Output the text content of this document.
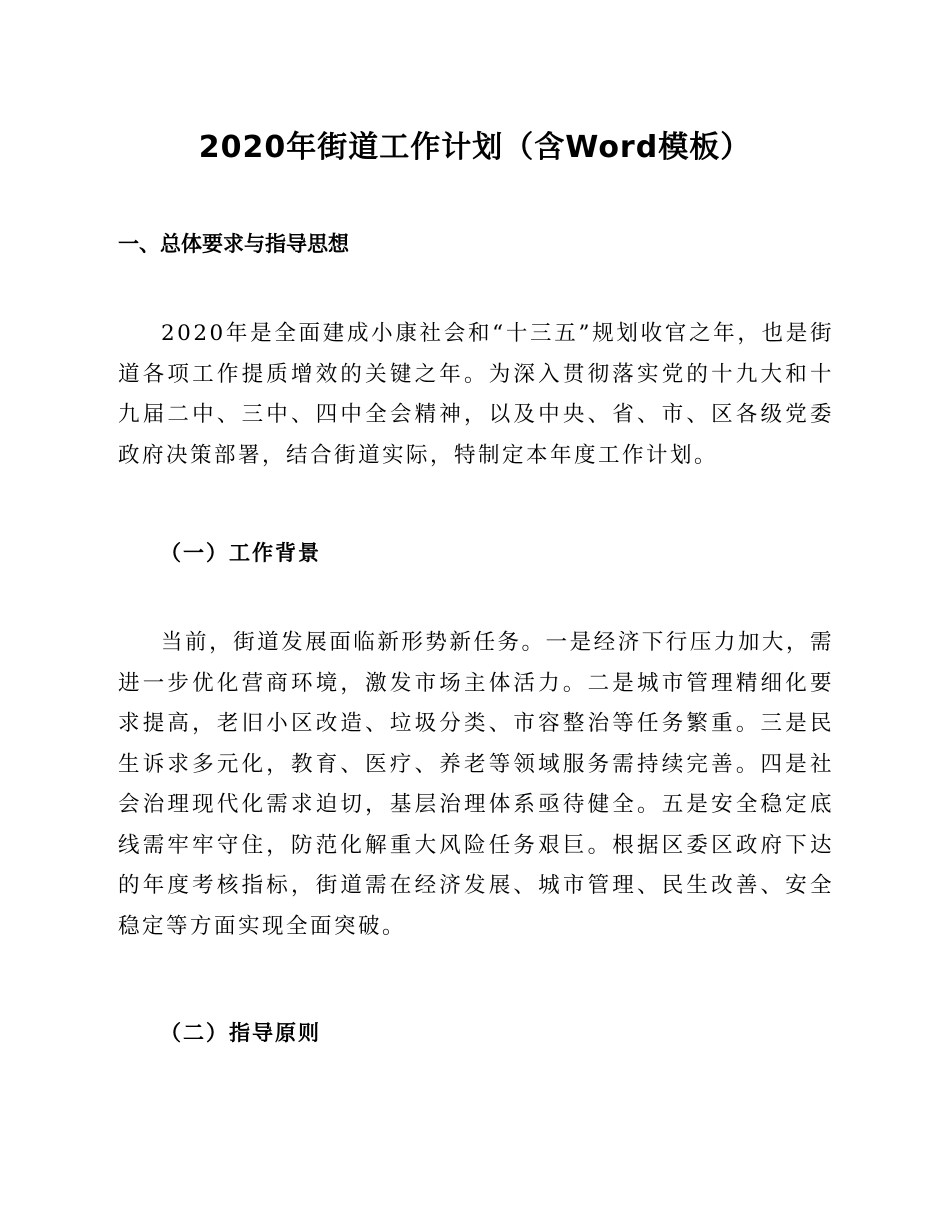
2020年街道工作计划（含Word模板）
一、总体要求与指导思想

2020年是全面建成小康社会和“十三五”规划收官之年，也是街道各项工作提质增效的关键之年。为深入贯彻落实党的十九大和十九届二中、三中、四中全会精神，以及中央、省、市、区各级党委政府决策部署，结合街道实际，特制定本年度工作计划。

（一）工作背景

当前，街道发展面临新形势新任务。一是经济下行压力加大，需进一步优化营商环境，激发市场主体活力。二是城市管理精细化要求提高，老旧小区改造、垃圾分类、市容整治等任务繁重。三是民生诉求多元化，教育、医疗、养老等领域服务需持续完善。四是社会治理现代化需求迫切，基层治理体系亟待健全。五是安全稳定底线需牢牢守住，防范化解重大风险任务艰巨。根据区委区政府下达的年度考核指标，街道需在经济发展、城市管理、民生改善、安全稳定等方面实现全面突破。

（二）指导原则
